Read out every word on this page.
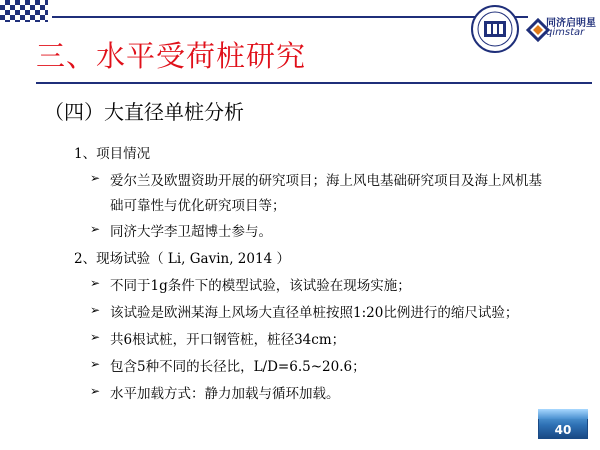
同济启明星
qimstar
三、水平受荷桩研究
（四）大直径单桩分析
1、项目情况
➢ 爱尔兰及欧盟资助开展的研究项目；海上风电基础研究项目及海上风机基
础可靠性与优化研究项目等；
➢ 同济大学李卫超博士参与。
2、现场试验（ Li, Gavin, 2014 ）
➢ 不同于1g条件下的模型试验，该试验在现场实施；
➢ 该试验是欧洲某海上风场大直径单桩按照1:20比例进行的缩尺试验；
➢ 共6根试桩，开口钢管桩，桩径34cm；
➢ 包含5种不同的长径比，L/D=6.5~20.6；
➢ 水平加载方式：静力加载与循环加载。
40
